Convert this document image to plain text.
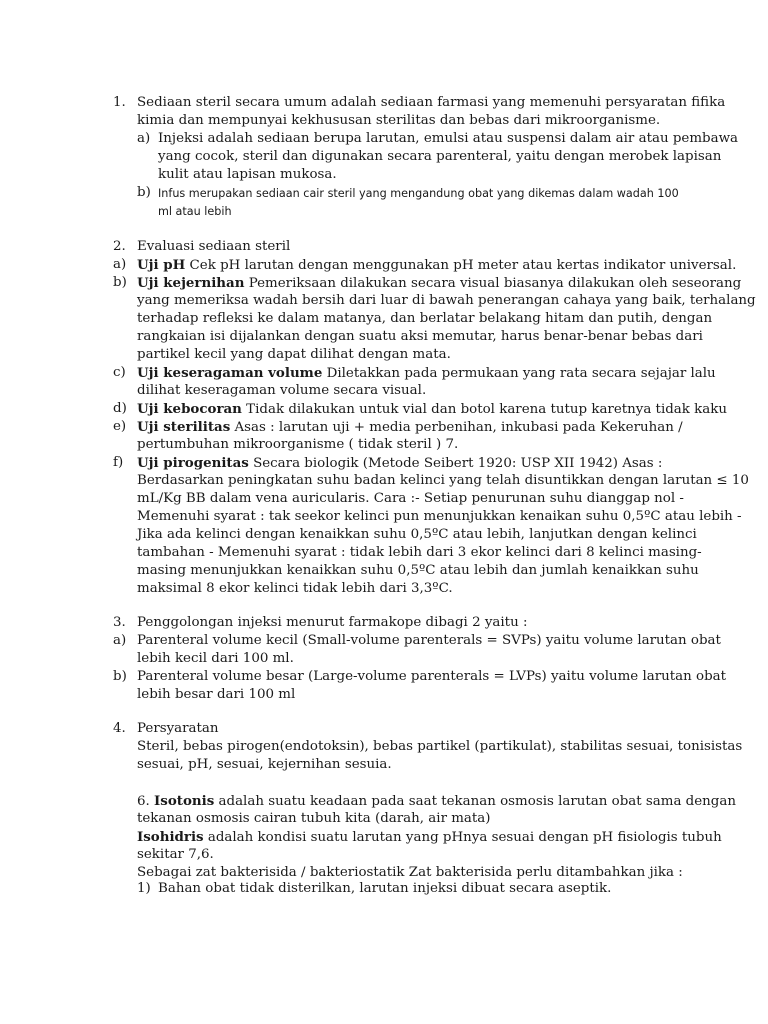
1. Sediaan steril secara umum adalah sediaan farmasi yang memenuhi persyaratan fifika
kimia dan mempunyai kekhususan sterilitas dan bebas dari mikroorganisme.
a) Injeksi adalah sediaan berupa larutan, emulsi atau suspensi dalam air atau pembawa
yang cocok, steril dan digunakan secara parenteral, yaitu dengan merobek lapisan
kulit atau lapisan mukosa.
b) Infus merupakan sediaan cair steril yang mengandung obat yang dikemas dalam wadah 100
ml atau lebih
2. Evaluasi sediaan steril
a) Uji pH Cek pH larutan dengan menggunakan pH meter atau kertas indikator universal.
b) Uji kejernihan Pemeriksaan dilakukan secara visual biasanya dilakukan oleh seseorang
yang memeriksa wadah bersih dari luar di bawah penerangan cahaya yang baik, terhalang
terhadap refleksi ke dalam matanya, dan berlatar belakang hitam dan putih, dengan
rangkaian isi dijalankan dengan suatu aksi memutar, harus benar-benar bebas dari
partikel kecil yang dapat dilihat dengan mata.
c) Uji keseragaman volume Diletakkan pada permukaan yang rata secara sejajar lalu
dilihat keseragaman volume secara visual.
d) Uji kebocoran Tidak dilakukan untuk vial dan botol karena tutup karetnya tidak kaku
e) Uji sterilitas Asas : larutan uji + media perbenihan, inkubasi pada Kekeruhan /
pertumbuhan mikroorganisme ( tidak steril ) 7.
f) Uji pirogenitas Secara biologik (Metode Seibert 1920: USP XII 1942) Asas :
Berdasarkan peningkatan suhu badan kelinci yang telah disuntikkan dengan larutan ≤ 10
mL/Kg BB dalam vena auricularis. Cara :- Setiap penurunan suhu dianggap nol -
Memenuhi syarat : tak seekor kelinci pun menunjukkan kenaikan suhu 0,5ºC atau lebih -
Jika ada kelinci dengan kenaikkan suhu 0,5ºC atau lebih, lanjutkan dengan kelinci
tambahan - Memenuhi syarat : tidak lebih dari 3 ekor kelinci dari 8 kelinci masing-
masing menunjukkan kenaikkan suhu 0,5ºC atau lebih dan jumlah kenaikkan suhu
maksimal 8 ekor kelinci tidak lebih dari 3,3ºC.
3. Penggolongan injeksi menurut farmakope dibagi 2 yaitu :
a) Parenteral volume kecil (Small-volume parenterals = SVPs) yaitu volume larutan obat
lebih kecil dari 100 ml.
b) Parenteral volume besar (Large-volume parenterals = LVPs) yaitu volume larutan obat
lebih besar dari 100 ml
4. Persyaratan
Steril, bebas pirogen(endotoksin), bebas partikel (partikulat), stabilitas sesuai, tonisistas
sesuai, pH, sesuai, kejernihan sesuia.
6. Isotonis adalah suatu keadaan pada saat tekanan osmosis larutan obat sama dengan
tekanan osmosis cairan tubuh kita (darah, air mata)
Isohidris adalah kondisi suatu larutan yang pHnya sesuai dengan pH fisiologis tubuh
sekitar 7,6.
Sebagai zat bakterisida / bakteriostatik Zat bakterisida perlu ditambahkan jika :
1) Bahan obat tidak disterilkan, larutan injeksi dibuat secara aseptik.
